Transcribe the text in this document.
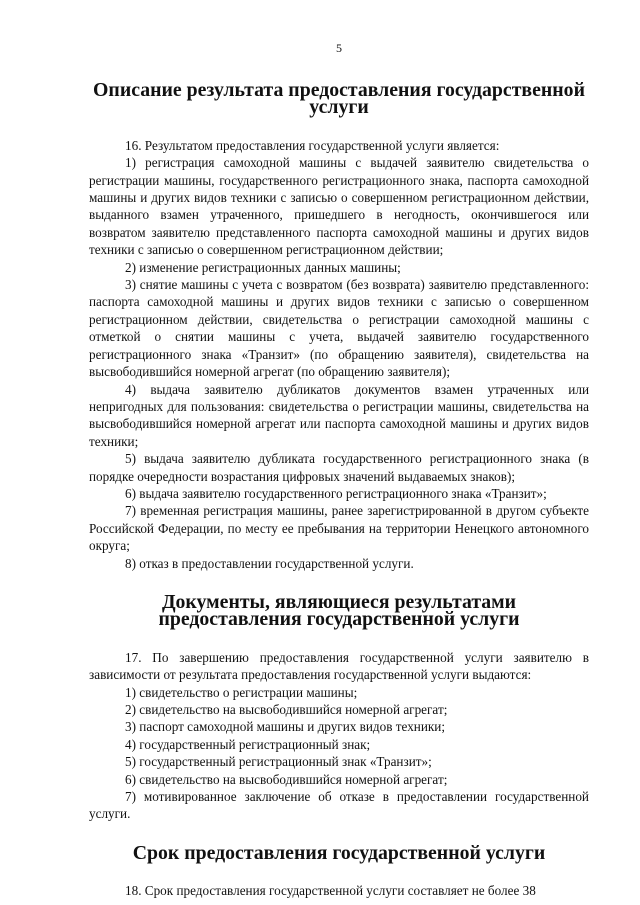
5
Описание результата предоставления государственной услуги

16. Результатом предоставления государственной услуги является:

1) регистрация самоходной машины с выдачей заявителю свидетельства о регистрации машины, государственного регистрационного знака, паспорта самоходной машины и других видов техники с записью о совершенном регистрационном действии, выданного взамен утраченного, пришедшего в негодность, окончившегося или возвратом заявителю представленного паспорта самоходной машины и других видов техники с записью о совершенном регистрационном действии;

2) изменение регистрационных данных машины;

3) снятие машины с учета с возвратом (без возврата) заявителю представленного: паспорта самоходной машины и других видов техники с записью о совершенном регистрационном действии, свидетельства о регистрации самоходной машины с отметкой о снятии машины с учета, выдачей заявителю государственного регистрационного знака «Транзит» (по обращению заявителя), свидетельства на высвободившийся номерной агрегат (по обращению заявителя);

4) выдача заявителю дубликатов документов взамен утраченных или непригодных для пользования: свидетельства о регистрации машины, свидетельства на высвободившийся номерной агрегат или паспорта самоходной машины и других видов техники;

5) выдача заявителю дубликата государственного регистрационного знака (в порядке очередности возрастания цифровых значений выдаваемых знаков);

6) выдача заявителю государственного регистрационного знака «Транзит»;

7) временная регистрация машины, ранее зарегистрированной в другом субъекте Российской Федерации, по месту ее пребывания на территории Ненецкого автономного округа;

8) отказ в предоставлении государственной услуги.

Документы, являющиеся результатами
предоставления государственной услуги

17. По завершению предоставления государственной услуги заявителю в зависимости от результата предоставления государственной услуги выдаются:

1) свидетельство о регистрации машины;

2) свидетельство на высвободившийся номерной агрегат;

3) паспорт самоходной машины и других видов техники;

4) государственный регистрационный знак;

5) государственный регистрационный знак «Транзит»;

6) свидетельство на высвободившийся номерной агрегат;

7) мотивированное заключение об отказе в предоставлении государственной услуги.

Срок предоставления государственной услуги

18. Срок предоставления государственной услуги составляет не более 38
